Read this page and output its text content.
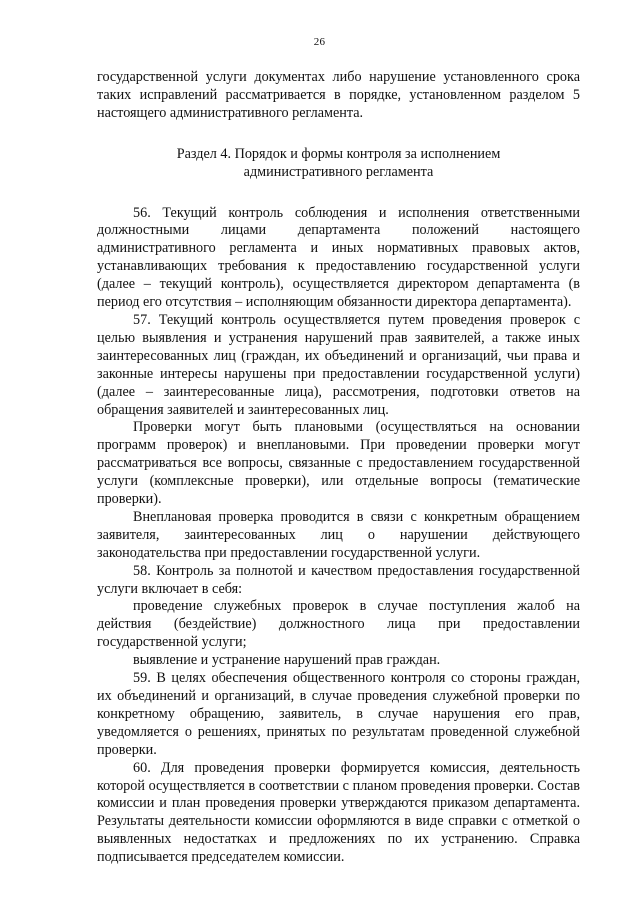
26

государственной услуги документах либо нарушение установленного срока таких исправлений рассматривается в порядке, установленном разделом 5 настоящего административного регламента.

Раздел 4. Порядок и формы контроля за исполнением административного регламента

56. Текущий контроль соблюдения и исполнения ответственными должностными лицами департамента положений настоящего административного регламента и иных нормативных правовых актов, устанавливающих требования к предоставлению государственной услуги (далее – текущий контроль), осуществляется директором департамента (в период его отсутствия – исполняющим обязанности директора департамента).

57. Текущий контроль осуществляется путем проведения проверок с целью выявления и устранения нарушений прав заявителей, а также иных заинтересованных лиц (граждан, их объединений и организаций, чьи права и законные интересы нарушены при предоставлении государственной услуги) (далее – заинтересованные лица), рассмотрения, подготовки ответов на обращения заявителей и заинтересованных лиц.

Проверки могут быть плановыми (осуществляться на основании программ проверок) и внеплановыми. При проведении проверки могут рассматриваться все вопросы, связанные с предоставлением государственной услуги (комплексные проверки), или отдельные вопросы (тематические проверки).

Внеплановая проверка проводится в связи с конкретным обращением заявителя, заинтересованных лиц о нарушении действующего законодательства при предоставлении государственной услуги.

58. Контроль за полнотой и качеством предоставления государственной услуги включает в себя:

проведение служебных проверок в случае поступления жалоб на действия (бездействие) должностного лица при предоставлении государственной услуги;

выявление и устранение нарушений прав граждан.

59. В целях обеспечения общественного контроля со стороны граждан, их объединений и организаций, в случае проведения служебной проверки по конкретному обращению, заявитель, в случае нарушения его прав, уведомляется о решениях, принятых по результатам проведенной служебной проверки.

60. Для проведения проверки формируется комиссия, деятельность которой осуществляется в соответствии с планом проведения проверки. Состав комиссии и план проведения проверки утверждаются приказом департамента. Результаты деятельности комиссии оформляются в виде справки с отметкой о выявленных недостатках и предложениях по их устранению. Справка подписывается председателем комиссии.
